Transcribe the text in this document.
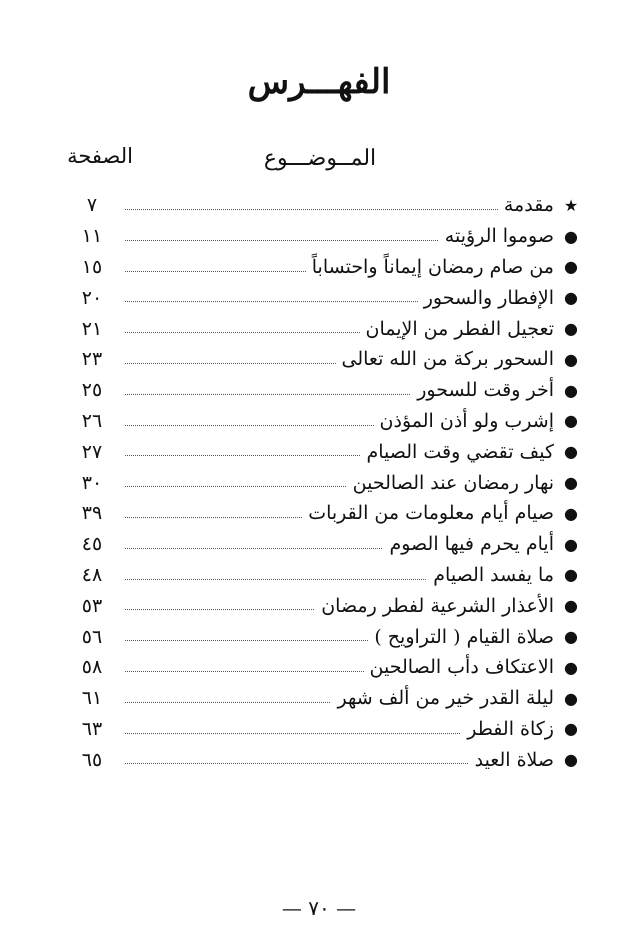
الفهـــرس
المــوضـــوع
الصفحة
★
مقدمة
٧
●
صوموا الرؤيته
١١
●
من صام رمضان إيماناً واحتساباً
١٥
●
الإفطار والسحور
٢٠
●
تعجيل الفطر من الإيمان
٢١
●
السحور بركة من الله تعالى
٢٣
●
أخر وقت للسحور
٢٥
●
إشرب ولو أذن المؤذن
٢٦
●
كيف تقضي وقت الصيام
٢٧
●
نهار رمضان عند الصالحين
٣٠
●
صيام أيام معلومات من القربات
٣٩
●
أيام يحرم فيها الصوم
٤٥
●
ما يفسد الصيام
٤٨
●
الأعذار الشرعية لفطر رمضان
٥٣
●
صلاة القيام ( التراويح )
٥٦
●
الاعتكاف دأب الصالحين
٥٨
●
ليلة القدر خير من ألف شهر
٦١
●
زكاة الفطر
٦٣
●
صلاة العيد
٦٥
— ٧٠ —
